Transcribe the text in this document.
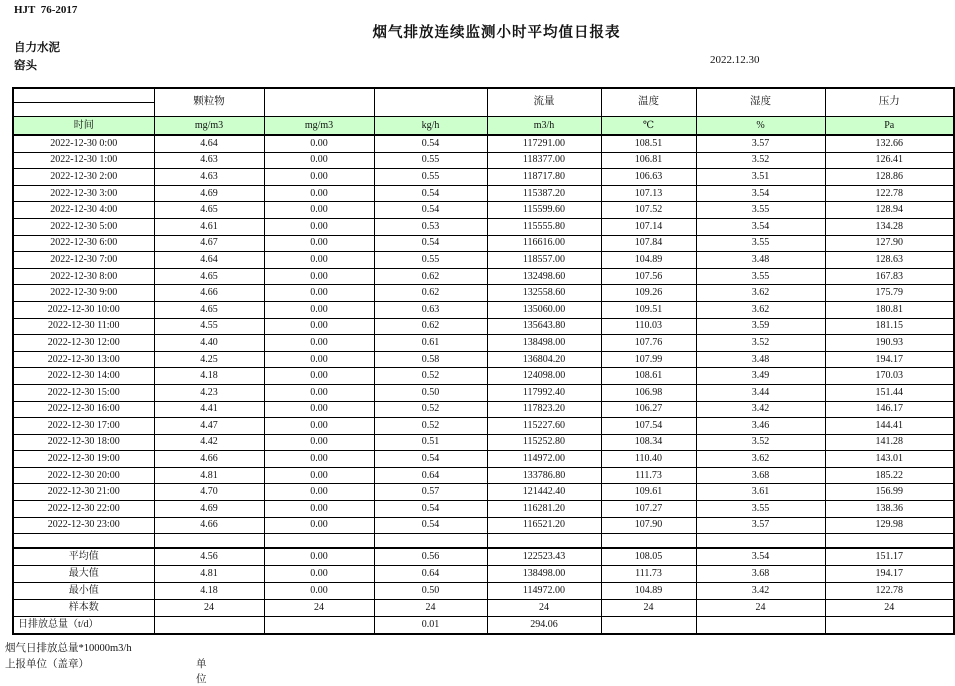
HJT  76-2017
烟气排放连续监测小时平均值日报表
自力水泥
窑头	2022.12.30
	颗粒物			流量	温度	湿度	压力

时间	mg/m3	mg/m3	kg/h	m3/h	℃	%	Pa
2022-12-30 0:00	4.64	0.00	0.54	117291.00	108.51	3.57	132.66
2022-12-30 1:00	4.63	0.00	0.55	118377.00	106.81	3.52	126.41
2022-12-30 2:00	4.63	0.00	0.55	118717.80	106.63	3.51	128.86
2022-12-30 3:00	4.69	0.00	0.54	115387.20	107.13	3.54	122.78
2022-12-30 4:00	4.65	0.00	0.54	115599.60	107.52	3.55	128.94
2022-12-30 5:00	4.61	0.00	0.53	115555.80	107.14	3.54	134.28
2022-12-30 6:00	4.67	0.00	0.54	116616.00	107.84	3.55	127.90
2022-12-30 7:00	4.64	0.00	0.55	118557.00	104.89	3.48	128.63
2022-12-30 8:00	4.65	0.00	0.62	132498.60	107.56	3.55	167.83
2022-12-30 9:00	4.66	0.00	0.62	132558.60	109.26	3.62	175.79
2022-12-30 10:00	4.65	0.00	0.63	135060.00	109.51	3.62	180.81
2022-12-30 11:00	4.55	0.00	0.62	135643.80	110.03	3.59	181.15
2022-12-30 12:00	4.40	0.00	0.61	138498.00	107.76	3.52	190.93
2022-12-30 13:00	4.25	0.00	0.58	136804.20	107.99	3.48	194.17
2022-12-30 14:00	4.18	0.00	0.52	124098.00	108.61	3.49	170.03
2022-12-30 15:00	4.23	0.00	0.50	117992.40	106.98	3.44	151.44
2022-12-30 16:00	4.41	0.00	0.52	117823.20	106.27	3.42	146.17
2022-12-30 17:00	4.47	0.00	0.52	115227.60	107.54	3.46	144.41
2022-12-30 18:00	4.42	0.00	0.51	115252.80	108.34	3.52	141.28
2022-12-30 19:00	4.66	0.00	0.54	114972.00	110.40	3.62	143.01
2022-12-30 20:00	4.81	0.00	0.64	133786.80	111.73	3.68	185.22
2022-12-30 21:00	4.70	0.00	0.57	121442.40	109.61	3.61	156.99
2022-12-30 22:00	4.69	0.00	0.54	116281.20	107.27	3.55	138.36
2022-12-30 23:00	4.66	0.00	0.54	116521.20	107.90	3.57	129.98

平均值	4.56	0.00	0.56	122523.43	108.05	3.54	151.17
最大值	4.81	0.00	0.64	138498.00	111.73	3.68	194.17
最小值	4.18	0.00	0.50	114972.00	104.89	3.42	122.78
样本数	24	24	24	24	24	24	24
日排放总量（t/d）			0.01	294.06			
烟气日排放总量*10000m3/h
上报单位（盖章）	单位
